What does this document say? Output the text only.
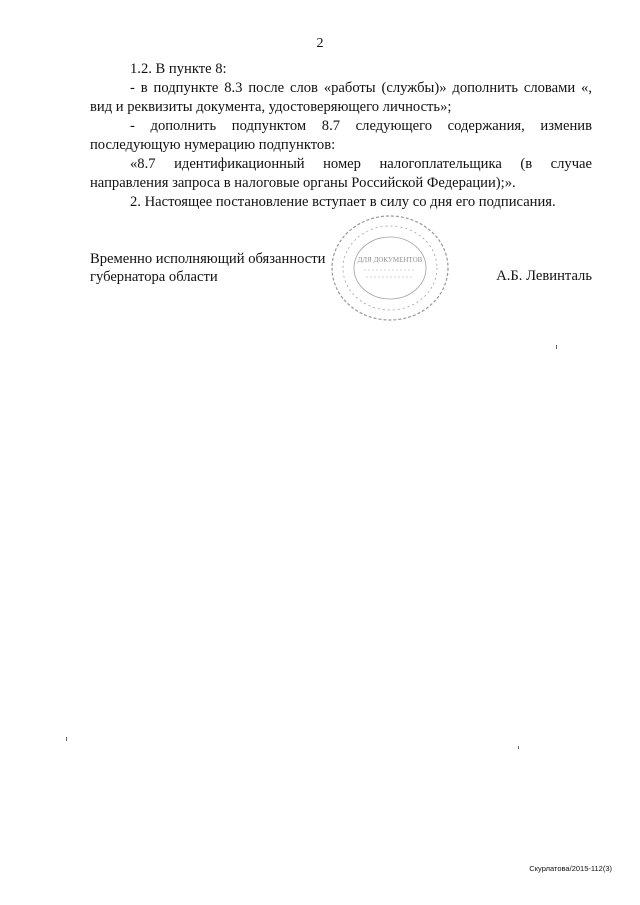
2

1.2. В пункте 8:

- в подпункте 8.3 после слов «работы (службы)» дополнить словами «, вид и реквизиты документа, удостоверяющего личность»;

- дополнить подпунктом 8.7 следующего содержания, изменив последующую нумерацию подпунктов:

«8.7 идентификационный номер налогоплательщика (в случае направления запроса в налоговые органы Российской Федерации);».

2. Настоящее постановление вступает в силу со дня его подписания.

Временно исполняющий обязанности
губернатора области	А.Б. Левинталь
ДЛЯ ДОКУМЕНТОВ
Скурлатова/2015-112(3)
